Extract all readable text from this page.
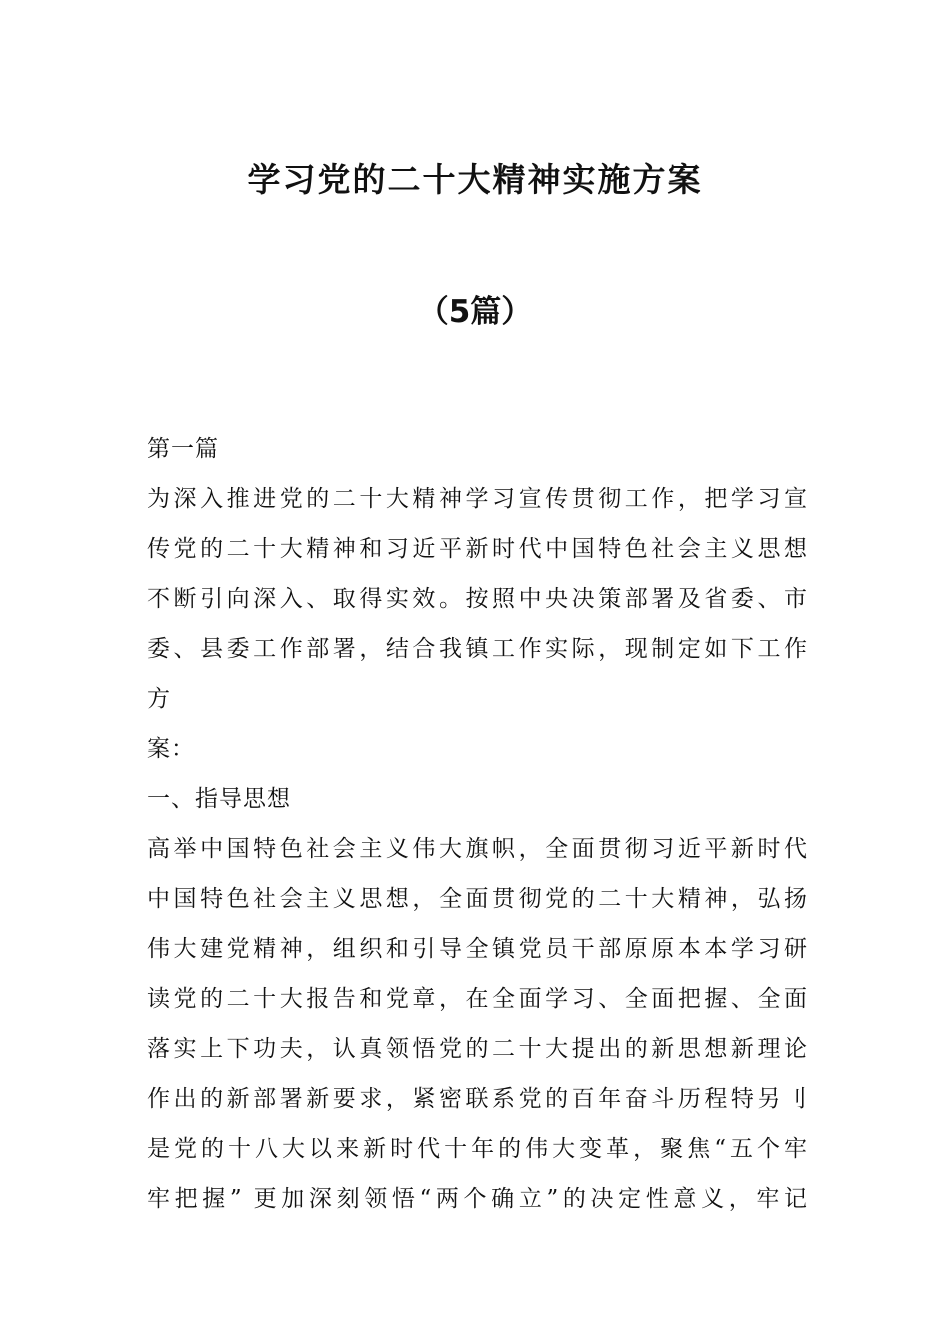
学习党的二十大精神实施方案
（5篇）
第一篇
为深入推进党的二十大精神学习宣传贯彻工作，把学习宣
传党的二十大精神和习近平新时代中国特色社会主义思想
不断引向深入、取得实效。按照中央决策部署及省委、市
委、县委工作部署，结合我镇工作实际，现制定如下工作
方
案：
一、指导思想
高举中国特色社会主义伟大旗帜，全面贯彻习近平新时代
中国特色社会主义思想，全面贯彻党的二十大精神，弘扬
伟大建党精神，组织和引导全镇党员干部原原本本学习研
读党的二十大报告和党章，在全面学习、全面把握、全面
落实上下功夫，认真领悟党的二十大提出的新思想新理论
作出的新部署新要求，紧密联系党的百年奋斗历程特另刂
是党的十八大以来新时代十年的伟大变革，聚焦“五个牢
牢把握” 更加深刻领悟“两个确立”的决定性意义，牢记
